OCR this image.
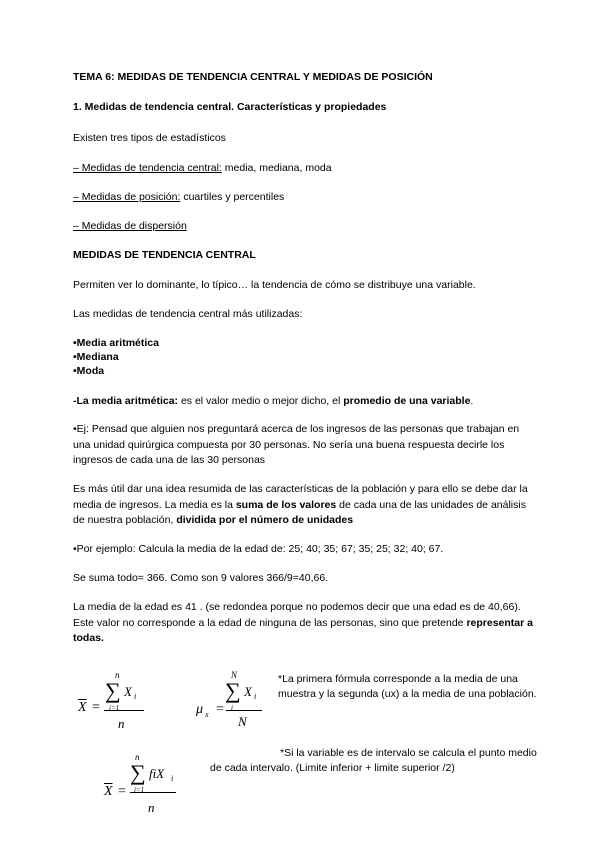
TEMA 6: MEDIDAS DE TENDENCIA CENTRAL Y MEDIDAS DE POSICIÓN
1. Medidas de tendencia central. Características y propiedades
Existen tres tipos de estadísticos
– Medidas de tendencia central: media, mediana, moda
– Medidas de posición: cuartiles y percentiles
– Medidas de dispersión
MEDIDAS DE TENDENCIA CENTRAL
Permiten ver lo dominante, lo típico… la tendencia de cómo se distribuye una variable.
Las medidas de tendencia central más utilizadas:
•Media aritmética
•Mediana
•Moda
-La media aritmética: es el valor medio o mejor dicho, el promedio de una variable.
•Ej: Pensad que alguien nos preguntará acerca de los ingresos de las personas que trabajan en una unidad quirúrgica compuesta por 30 personas. No sería una buena respuesta decirle los ingresos de cada una de las 30 personas
Es más útil dar una idea resumida de las características de la población y para ello se debe dar la media de ingresos. La media es la suma de los valores de cada una de las unidades de análisis de nuestra población, dividida por el número de unidades
•Por ejemplo: Calcula la media de la edad de: 25; 40; 35; 67; 35; 25; 32; 40; 67.
Se suma todo= 366. Como son 9 valores 366/9=40,66.
La media de la edad es 41 . (se redondea porque no podemos decir que una edad es de 40,66). Este valor no corresponde a la edad de ninguna de las personas, sino que pretende representar a todas.
$\overline{X}$ =
n
∑
i=1
X i
n
μ x =
N
∑
i
X i
N
*La primera fórmula corresponde a la media de una muestra y la segunda (ux) a la media de una población.
*Si la variable es de intervalo se calcula el punto medio de cada intervalo. (Limite inferior + limite superior /2)
$\overline{X}$ =
n
∑
i=1
fiX i
n
